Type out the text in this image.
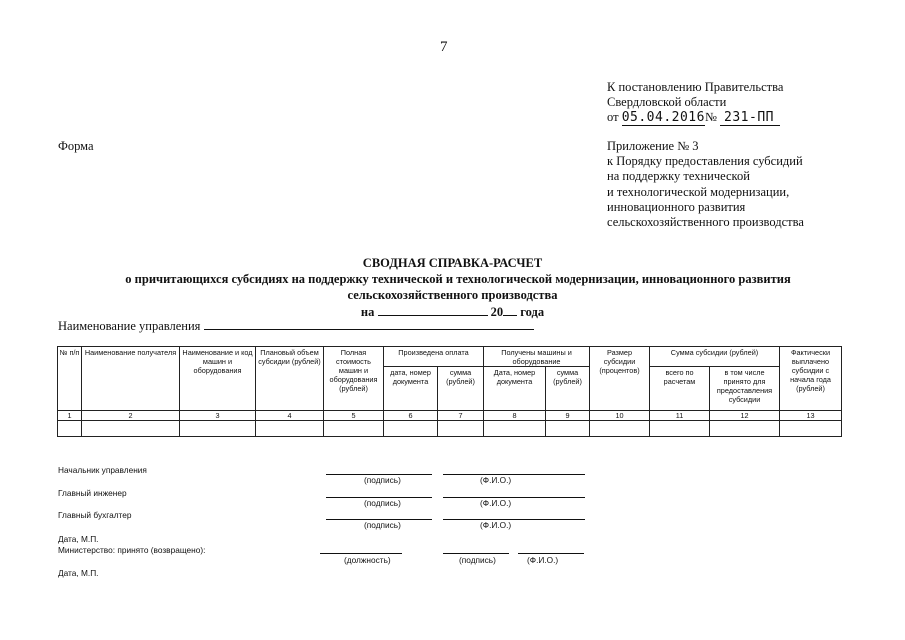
7
К постановлению Правительства
Свердловской области
от 05.04.2016№ 231-ПП
Форма	Приложение № 3
к Порядку предоставления субсидий
на поддержку технической
и технологической модернизации,
инновационного развития
сельскохозяйственного производства
СВОДНАЯ СПРАВКА-РАСЧЕТ
о причитающихся субсидиях на поддержку технической и технологической модернизации, инновационного развития
сельскохозяйственного производства
на	20 года
Наименование управления
№ п/п	Наименование получателя	Наименование и код машин и оборудования	Плановый объем субсидии (рублей)	Полная стоимость машин и оборудования (рублей)	Произведена оплата		Получены машины и оборудование		Размер субсидии (процентов)	Сумма субсидии (рублей)		Фактически выплачено субсидии с начала года (рублей)
					дата, номер документа	сумма (рублей)	Дата, номер документа	сумма (рублей)		всего по расчетам	в том числе принято для предоставления субсидии	
1	2	3	4	5	6	7	8	9	10	11	12	13

Начальник управления
(подпись)	(Ф.И.О.)
Главный инженер
(подпись)	(Ф.И.О.)
Главный бухгалтер
(подпись)	(Ф.И.О.)
Дата, М.П.
Министерство: принято (возвращено):
(должность)	(подпись)	(Ф.И.О.)
Дата, М.П.
